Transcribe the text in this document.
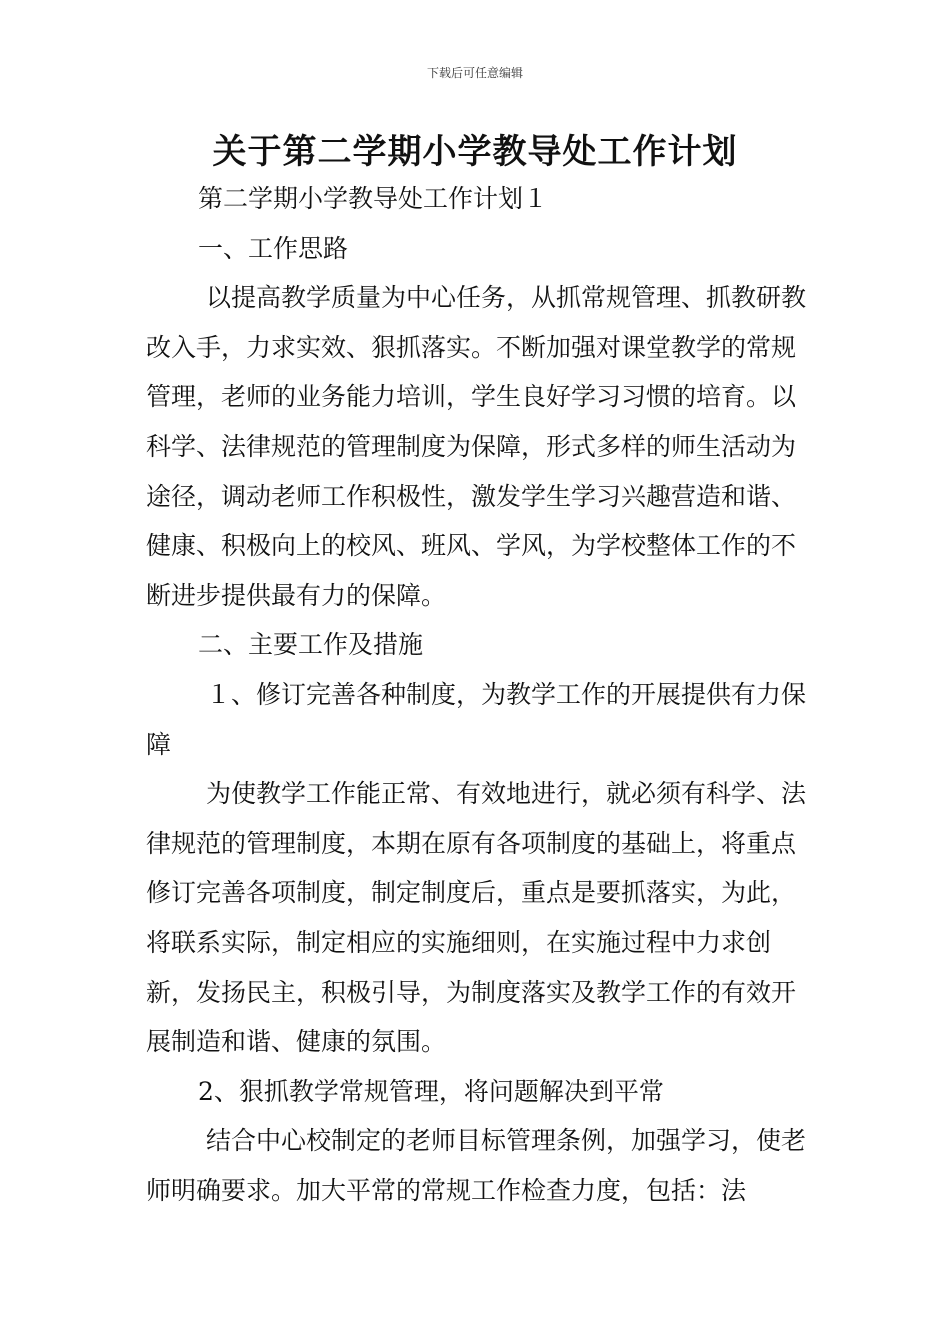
下载后可任意编辑
关于第二学期小学教导处工作计划

第二学期小学教导处工作计划１

一、工作思路

以提高教学质量为中心任务，从抓常规管理、抓教研教改入手，力求实效、狠抓落实。不断加强对课堂教学的常规管理，老师的业务能力培训，学生良好学习习惯的培育。以科学、法律规范的管理制度为保障，形式多样的师生活动为途径，调动老师工作积极性，激发学生学习兴趣营造和谐、健康、积极向上的校风、班风、学风，为学校整体工作的不断进步提供最有力的保障。

二、主要工作及措施

１、修订完善各种制度，为教学工作的开展提供有力保障

为使教学工作能正常、有效地进行，就必须有科学、法律规范的管理制度，本期在原有各项制度的基础上，将重点修订完善各项制度，制定制度后，重点是要抓落实，为此，将联系实际，制定相应的实施细则，在实施过程中力求创新，发扬民主，积极引导，为制度落实及教学工作的有效开展制造和谐、健康的氛围。

2、狠抓教学常规管理，将问题解决到平常

结合中心校制定的老师目标管理条例，加强学习，使老师明确要求。加大平常的常规工作检查力度，包括：法
